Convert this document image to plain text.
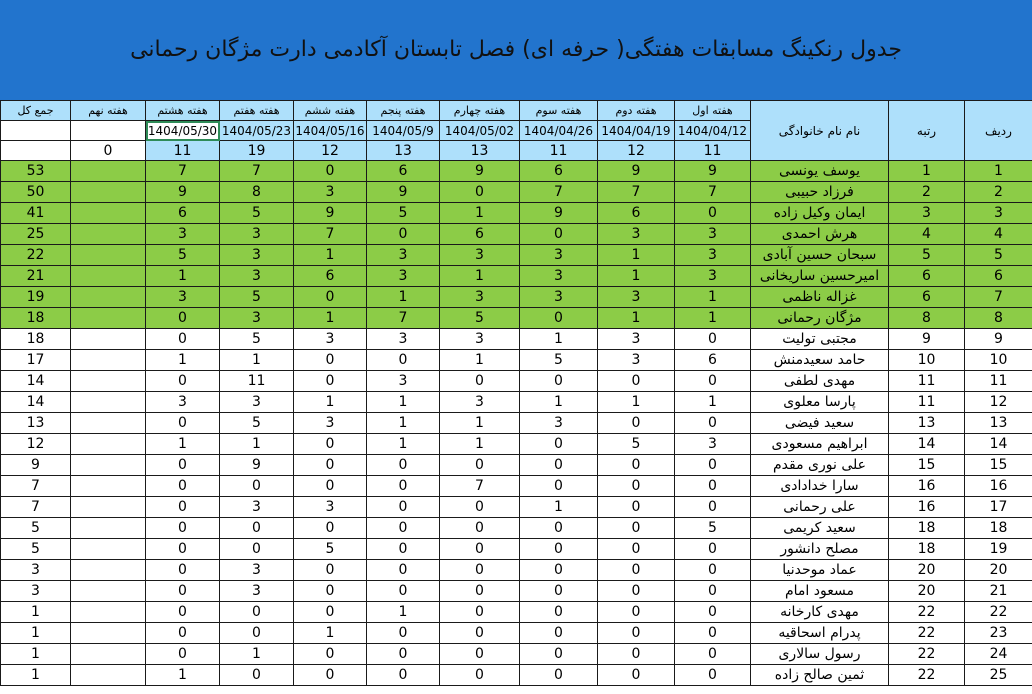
جدول رنکینگ مسابقات هفتگی( حرفه ای) فصل تابستان آکادمی دارت مژگان رحمانی
جمع کل	هفته نهم	هفته هشتم	هفته هفتم	هفته ششم	هفته پنجم	هفته چهارم	هفته سوم	هفته دوم	هفته اول	نام نام خانوادگی	رتبه	ردیف
		1404/05/30	1404/05/23	1404/05/16	1404/05/9	1404/05/02	1404/04/26	1404/04/19	1404/04/12			
	0	11	19	12	13	13	11	12	11			
53		7	7	0	6	9	6	9	9	یوسف یونسی	1	1
50		9	8	3	9	0	7	7	7	فرزاد حبیبی	2	2
41		6	5	9	5	1	9	6	0	ایمان وکیل زاده	3	3
25		3	3	7	0	6	0	3	3	هرش احمدی	4	4
22		5	3	1	3	3	3	1	3	سبحان حسین آبادی	5	5
21		1	3	6	3	1	3	1	3	امیرحسین ساریخانی	6	6
19		3	5	0	1	3	3	3	1	غزاله ناظمی	6	7
18		0	3	1	7	5	0	1	1	مژگان رحمانی	8	8
18		0	5	3	3	3	1	3	0	مجتبی تولیت	9	9
17		1	1	0	0	1	5	3	6	حامد سعیدمنش	10	10
14		0	11	0	3	0	0	0	0	مهدی لطفی	11	11
14		3	3	1	1	3	1	1	1	پارسا معلوی	11	12
13		0	5	3	1	1	3	0	0	سعید فیضی	13	13
12		1	1	0	1	1	0	5	3	ابراهیم مسعودی	14	14
9		0	9	0	0	0	0	0	0	علی نوری مقدم	15	15
7		0	0	0	0	7	0	0	0	سارا خدادادی	16	16
7		0	3	3	0	0	1	0	0	علی رحمانی	16	17
5		0	0	0	0	0	0	0	5	سعید کریمی	18	18
5		0	0	5	0	0	0	0	0	مصلح دانشور	18	19
3		0	3	0	0	0	0	0	0	عماد موحدنیا	20	20
3		0	3	0	0	0	0	0	0	مسعود امام	20	21
1		0	0	0	1	0	0	0	0	مهدی کارخانه	22	22
1		0	0	1	0	0	0	0	0	پدرام اسحاقیه	22	23
1		0	1	0	0	0	0	0	0	رسول سالاری	22	24
1		1	0	0	0	0	0	0	0	ثمین صالح زاده	22	25
